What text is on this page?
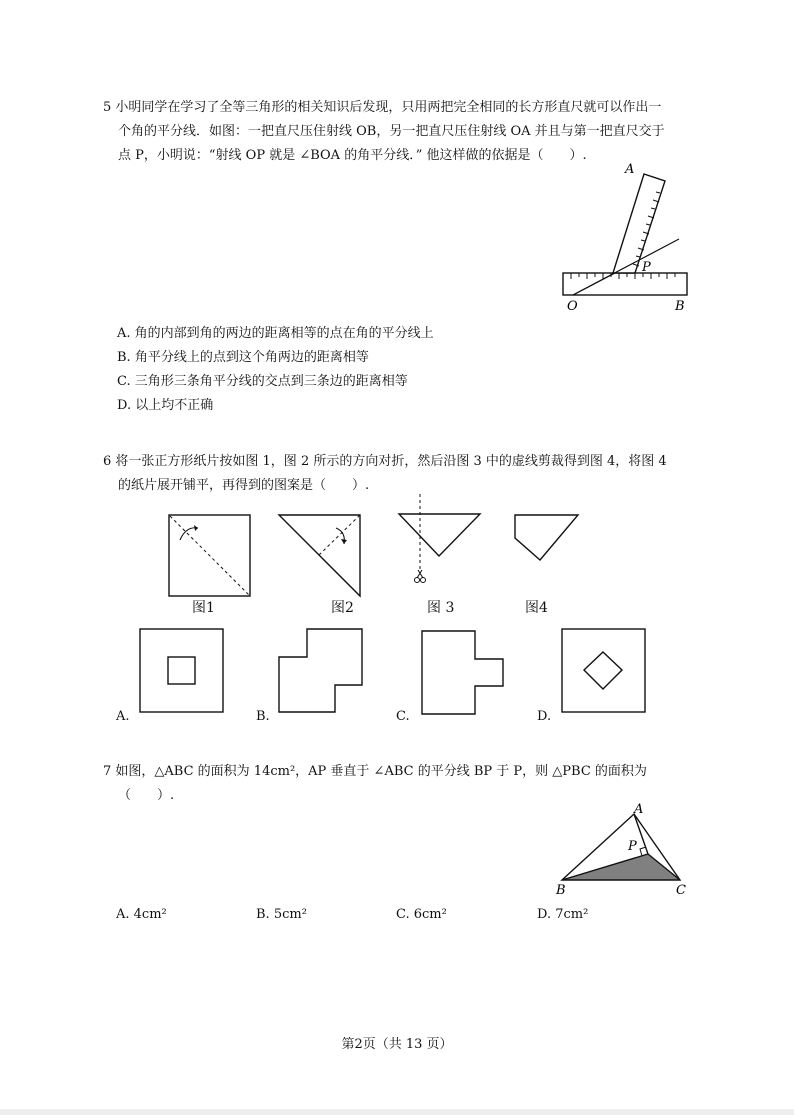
5 小明同学在学习了全等三角形的相关知识后发现，只用两把完全相同的长方形直尺就可以作出一
个角的平分线．如图：一把直尺压住射线 OB，另一把直尺压住射线 OA 并且与第一把直尺交于
点 P，小明说：“射线 OP 就是 ∠BOA 的角平分线．” 他这样做的依据是（　　）.
A
P
O	B
A. 角的内部到角的两边的距离相等的点在角的平分线上
B. 角平分线上的点到这个角两边的距离相等
C. 三角形三条角平分线的交点到三条边的距离相等
D. 以上均不正确
6 将一张正方形纸片按如图 1，图 2 所示的方向对折，然后沿图 3 中的虚线剪裁得到图 4，将图 4
的纸片展开铺平，再得到的图案是（　　）.
图1	图2	图 3	图4
A.	B.	C.	D.
7 如图，△ABC 的面积为 14cm²，AP 垂直于 ∠ABC 的平分线 BP 于 P，则 △PBC 的面积为
（　　）.
A
P
B	C
A. 4cm²	B. 5cm²	C. 6cm²	D. 7cm²
第2页（共 13 页）
